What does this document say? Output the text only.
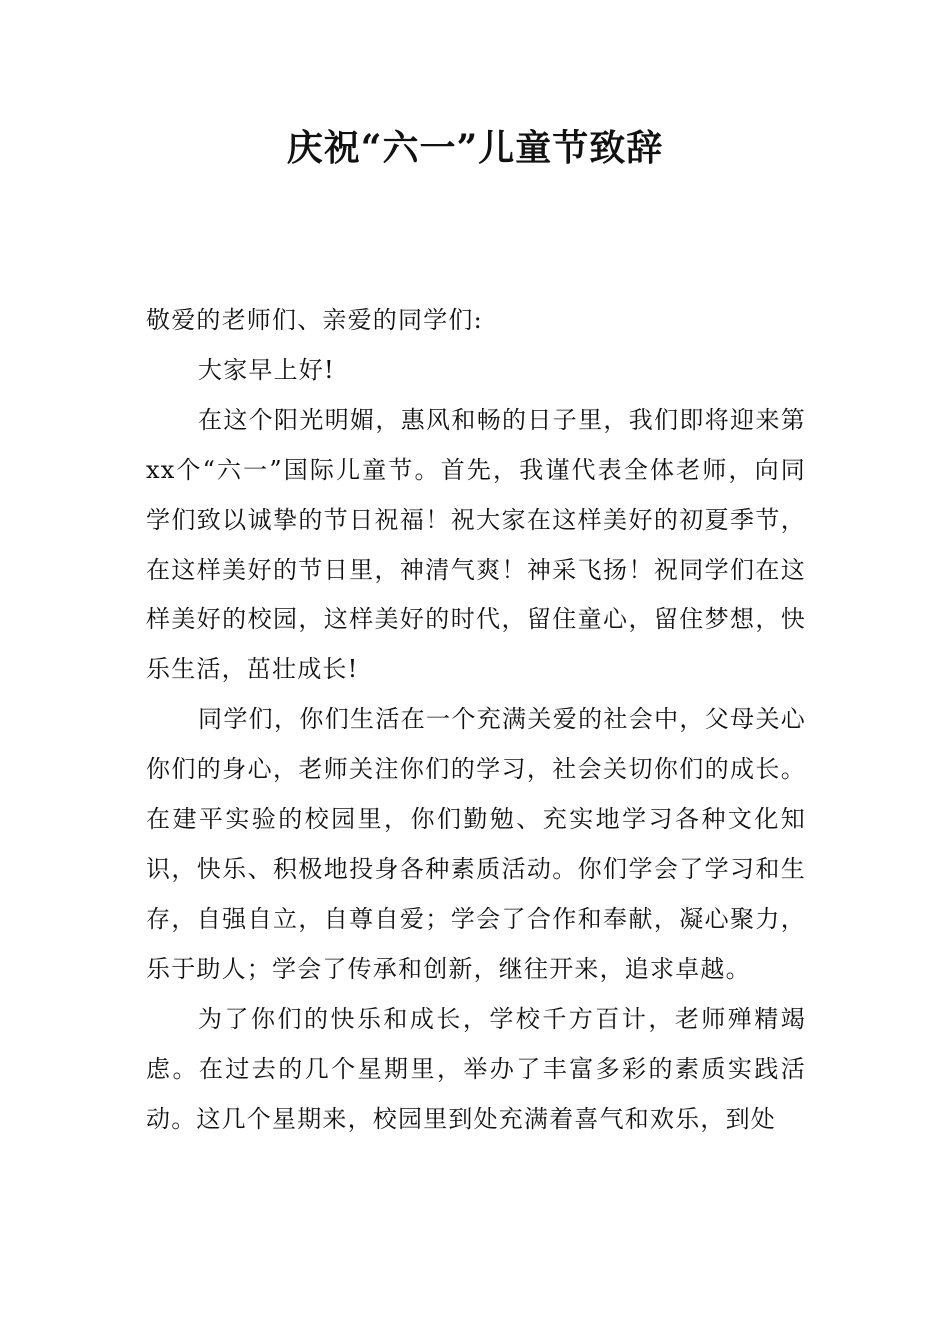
庆祝“六一”儿童节致辞

敬爱的老师们、亲爱的同学们:

大家早上好!

在这个阳光明媚，惠风和畅的日子里，我们即将迎来第xx个“六一”国际儿童节。首先，我谨代表全体老师，向同学们致以诚挚的节日祝福！祝大家在这样美好的初夏季节，在这样美好的节日里，神清气爽！神采飞扬！祝同学们在这样美好的校园，这样美好的时代，留住童心，留住梦想，快乐生活，茁壮成长!

同学们，你们生活在一个充满关爱的社会中，父母关心你们的身心，老师关注你们的学习，社会关切你们的成长。在建平实验的校园里，你们勤勉、充实地学习各种文化知识，快乐、积极地投身各种素质活动。你们学会了学习和生存，自强自立，自尊自爱；学会了合作和奉献，凝心聚力，乐于助人；学会了传承和创新，继往开来，追求卓越。

为了你们的快乐和成长，学校千方百计，老师殚精竭虑。在过去的几个星期里，举办了丰富多彩的素质实践活动。这几个星期来，校园里到处充满着喜气和欢乐，到处
